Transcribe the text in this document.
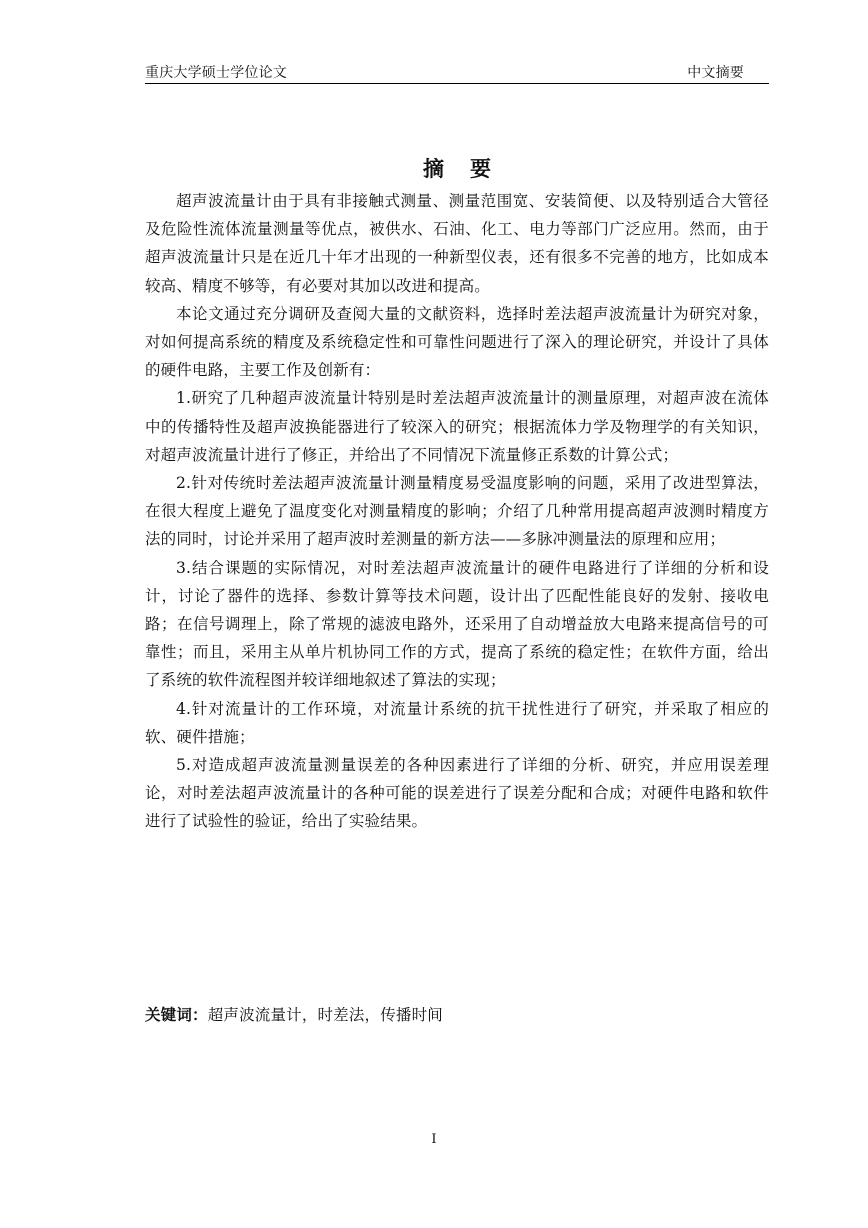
重庆大学硕士学位论文	中文摘要
摘 要

超声波流量计由于具有非接触式测量、测量范围宽、安装简便、以及特别适合大管径及危险性流体流量测量等优点，被供水、石油、化工、电力等部门广泛应用。然而，由于超声波流量计只是在近几十年才出现的一种新型仪表，还有很多不完善的地方，比如成本较高、精度不够等，有必要对其加以改进和提高。

本论文通过充分调研及查阅大量的文献资料，选择时差法超声波流量计为研究对象，对如何提高系统的精度及系统稳定性和可靠性问题进行了深入的理论研究，并设计了具体的硬件电路，主要工作及创新有：

1.研究了几种超声波流量计特别是时差法超声波流量计的测量原理，对超声波在流体中的传播特性及超声波换能器进行了较深入的研究；根据流体力学及物理学的有关知识，对超声波流量计进行了修正，并给出了不同情况下流量修正系数的计算公式；

2.针对传统时差法超声波流量计测量精度易受温度影响的问题，采用了改进型算法，在很大程度上避免了温度变化对测量精度的影响；介绍了几种常用提高超声波测时精度方法的同时，讨论并采用了超声波时差测量的新方法——多脉冲测量法的原理和应用；

3.结合课题的实际情况，对时差法超声波流量计的硬件电路进行了详细的分析和设计，讨论了器件的选择、参数计算等技术问题，设计出了匹配性能良好的发射、接收电路；在信号调理上，除了常规的滤波电路外，还采用了自动增益放大电路来提高信号的可靠性；而且，采用主从单片机协同工作的方式，提高了系统的稳定性；在软件方面，给出了系统的软件流程图并较详细地叙述了算法的实现；

4.针对流量计的工作环境，对流量计系统的抗干扰性进行了研究，并采取了相应的软、硬件措施；

5.对造成超声波流量测量误差的各种因素进行了详细的分析、研究，并应用误差理论，对时差法超声波流量计的各种可能的误差进行了误差分配和合成；对硬件电路和软件进行了试验性的验证，给出了实验结果。

关键词：超声波流量计，时差法，传播时间
I
